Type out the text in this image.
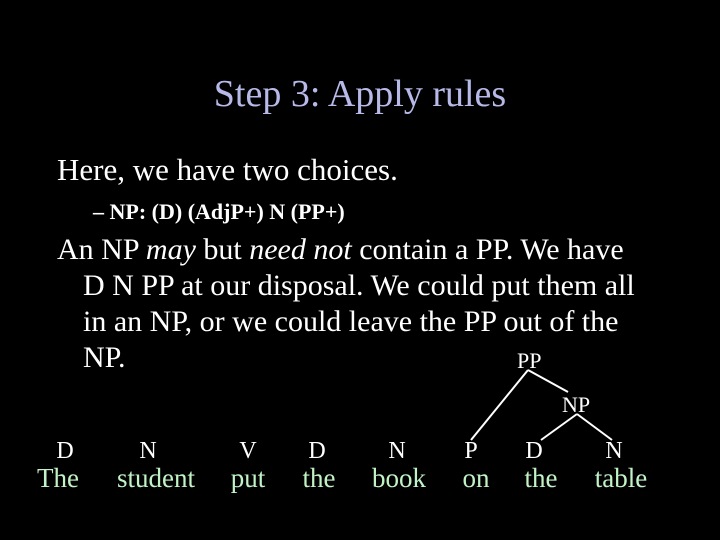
Step 3: Apply rules
Here, we have two choices.
– NP: (D) (AdjP+) N (PP+)
An NP may but need not contain a PP. We have
D N PP at our disposal. We could put them all
in an NP, or we could leave the PP out of the
NP.	PP
NP
D	N	V	D	N	P	D	N
The	student	put	the	book	on	the	table
